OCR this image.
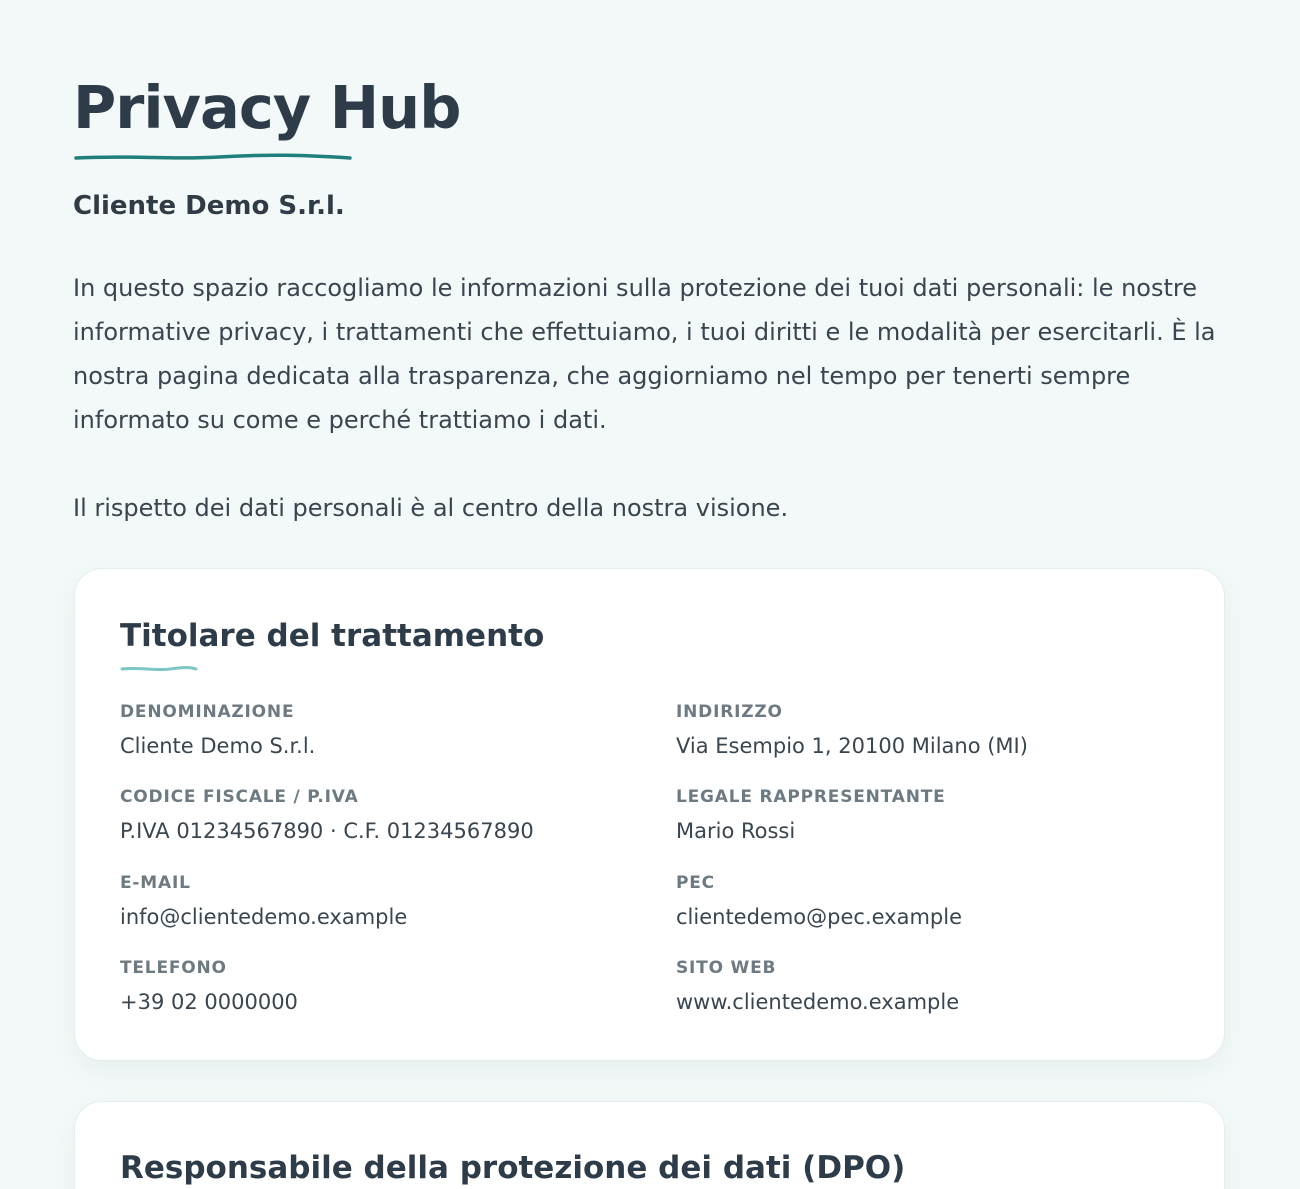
Privacy Hub
Cliente Demo S.r.l.

In questo spazio raccogliamo le informazioni sulla protezione dei tuoi dati personali: le nostre informative privacy, i trattamenti che effettuiamo, i tuoi diritti e le modalità per esercitarli. È la nostra pagina dedicata alla trasparenza, che aggiorniamo nel tempo per tenerti sempre informato su come e perché trattiamo i dati.

Il rispetto dei dati personali è al centro della nostra visione.

Titolare del trattamento
DENOMINAZIONE
Cliente Demo S.r.l.
INDIRIZZO
Via Esempio 1, 20100 Milano (MI)
CODICE FISCALE / P.IVA
P.IVA 01234567890 · C.F. 01234567890
LEGALE RAPPRESENTANTE
Mario Rossi
E-MAIL
info@clientedemo.example
PEC
clientedemo@pec.example
TELEFONO
+39 02 0000000
SITO WEB
www.clientedemo.example
Responsabile della protezione dei dati (DPO)
